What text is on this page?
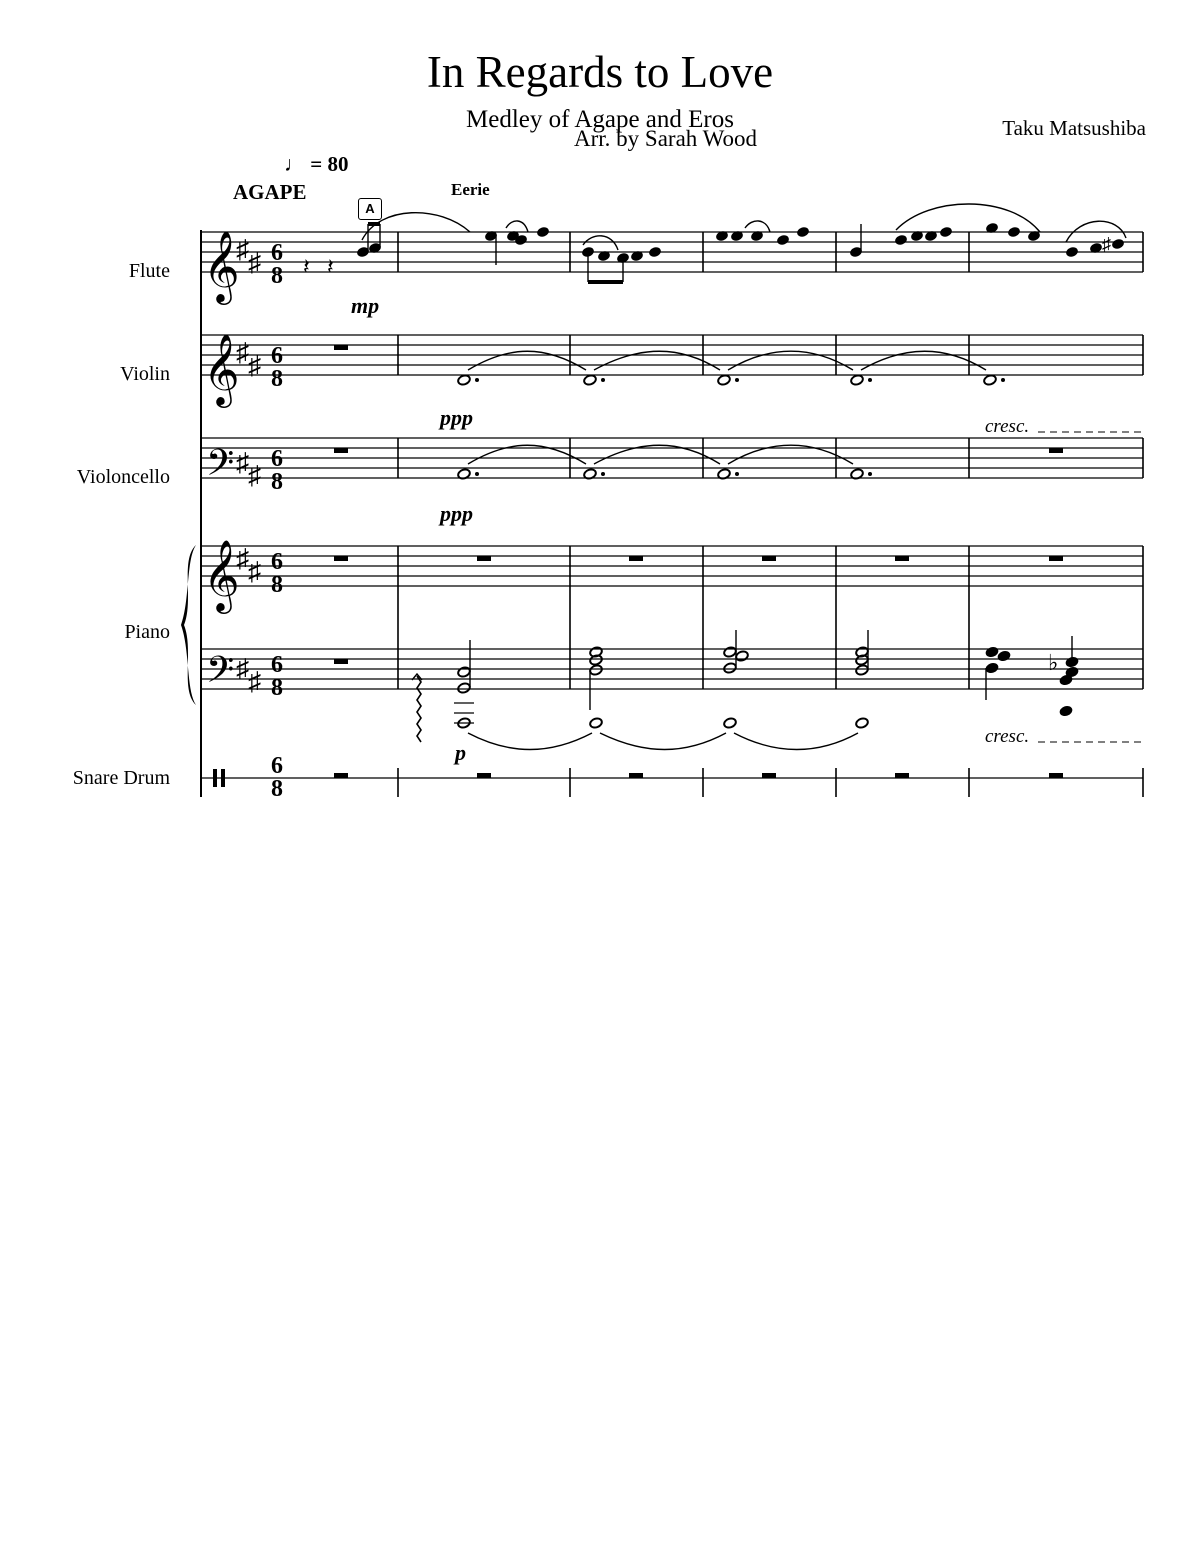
In Regards to Love
Medley of Agape and Eros
Arr. by Sarah Wood	Taku Matsushiba
♩ = 80
AGAPE
A
Eerie
Flute
Violin
Violoncello
Piano
Snare Drum
𝄞
𝄞
𝄢
𝄞
𝄢
♯ ♯
♯ ♯
♯ ♯
♯ ♯
♯ ♯
6
8
6
8
6
8
6
8
6
8
6
8
𝄽 𝄽
♯
mp
ppp	cresc.
ppp
♭
p
cresc.
